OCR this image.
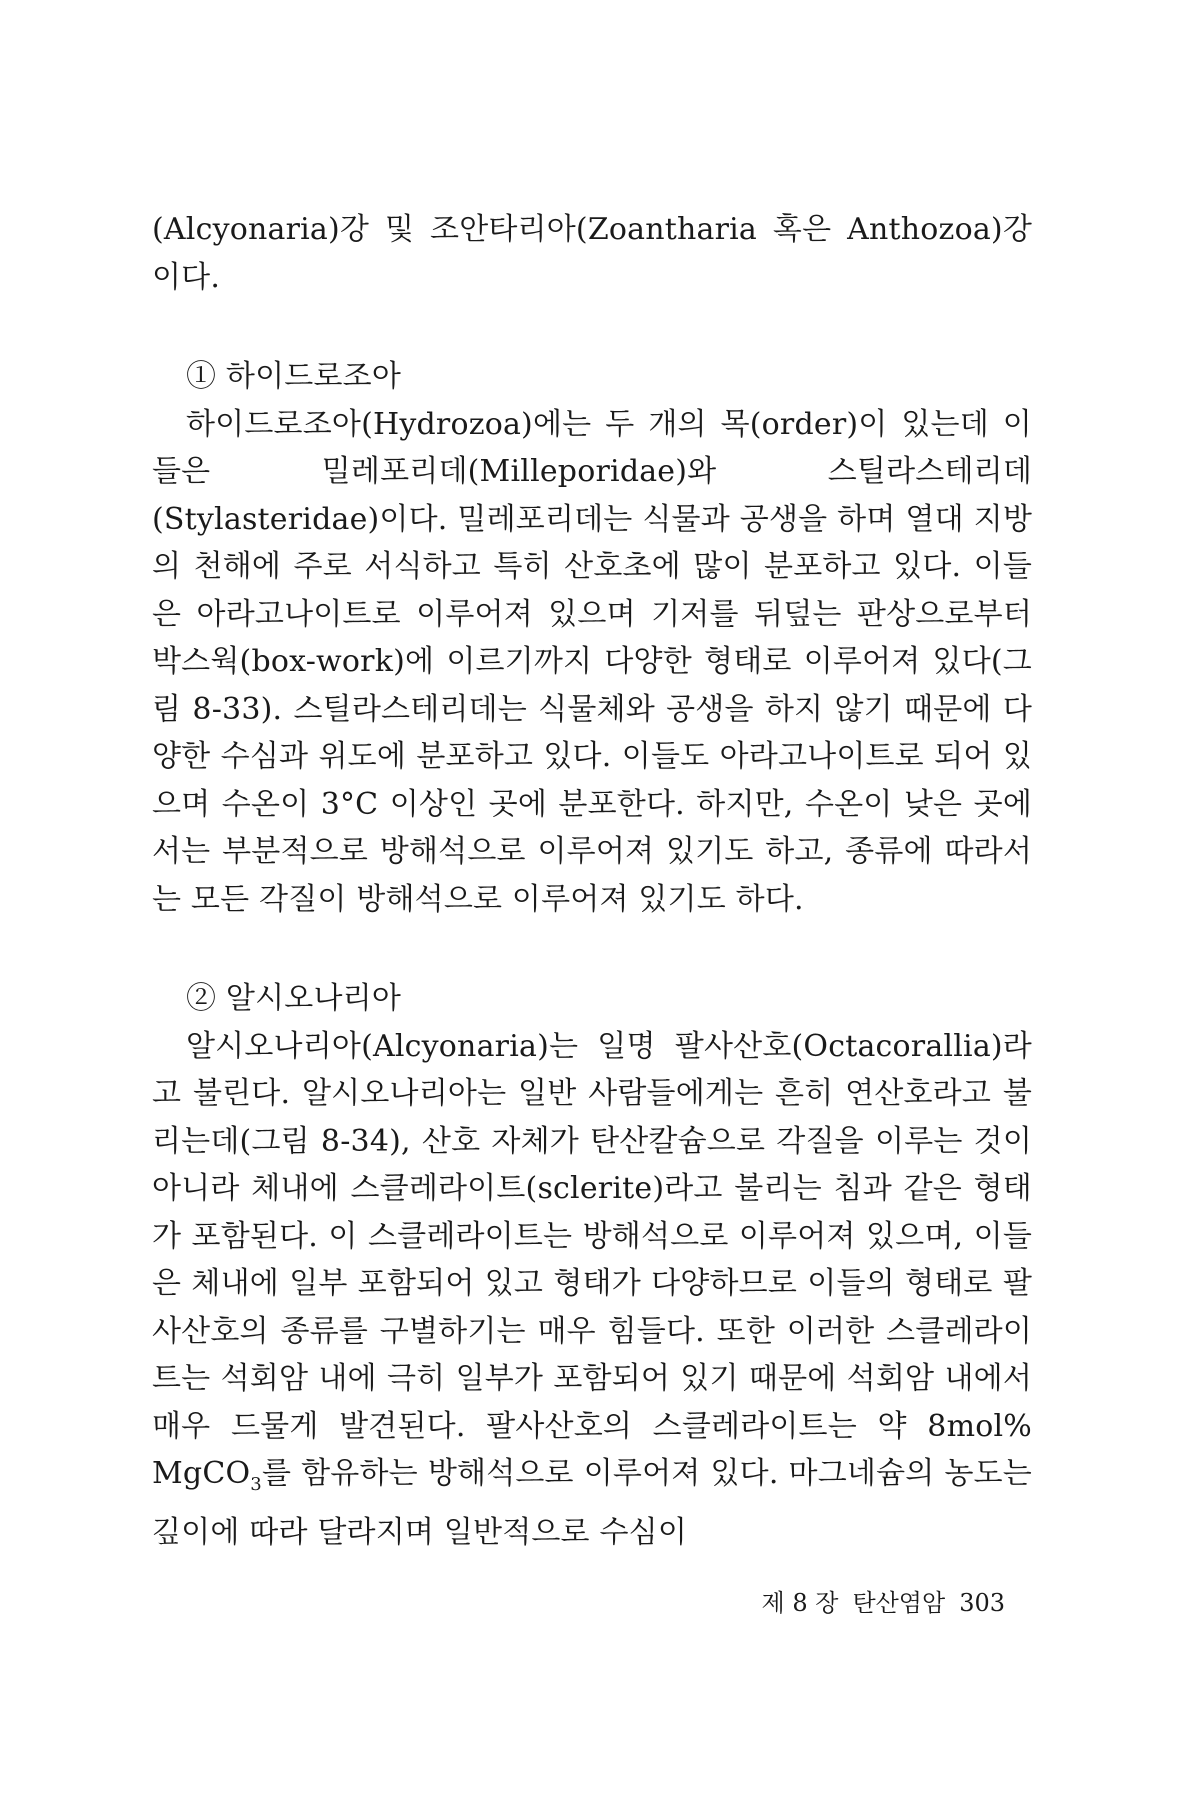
(Alcyonaria)강 및 조안타리아(Zoantharia 혹은 Anthozoa)강이다.

① 하이드로조아

하이드로조아(Hydrozoa)에는 두 개의 목(order)이 있는데 이들은 밀레포리데(Milleporidae)와 스틸라스테리데(Stylasteridae)이다. 밀레포리데는 식물과 공생을 하며 열대 지방의 천해에 주로 서식하고 특히 산호초에 많이 분포하고 있다. 이들은 아라고나이트로 이루어져 있으며 기저를 뒤덮는 판상으로부터 박스웍(box-work)에 이르기까지 다양한 형태로 이루어져 있다(그림 8-33). 스틸라스테리데는 식물체와 공생을 하지 않기 때문에 다양한 수심과 위도에 분포하고 있다. 이들도 아라고나이트로 되어 있으며 수온이 3°C 이상인 곳에 분포한다. 하지만, 수온이 낮은 곳에서는 부분적으로 방해석으로 이루어져 있기도 하고, 종류에 따라서는 모든 각질이 방해석으로 이루어져 있기도 하다.

② 알시오나리아

알시오나리아(Alcyonaria)는 일명 팔사산호(Octacorallia)라고 불린다. 알시오나리아는 일반 사람들에게는 흔히 연산호라고 불리는데(그림 8-34), 산호 자체가 탄산칼슘으로 각질을 이루는 것이 아니라 체내에 스클레라이트(sclerite)라고 불리는 침과 같은 형태가 포함된다. 이 스클레라이트는 방해석으로 이루어져 있으며, 이들은 체내에 일부 포함되어 있고 형태가 다양하므로 이들의 형태로 팔사산호의 종류를 구별하기는 매우 힘들다. 또한 이러한 스클레라이트는 석회암 내에 극히 일부가 포함되어 있기 때문에 석회암 내에서 매우 드물게 발견된다. 팔사산호의 스클레라이트는 약 8mol% MgCO$_3$를 함유하는 방해석으로 이루어져 있다. 마그네슘의 농도는 깊이에 따라 달라지며 일반적으로 수심이

제 8 장 탄산염암 303
